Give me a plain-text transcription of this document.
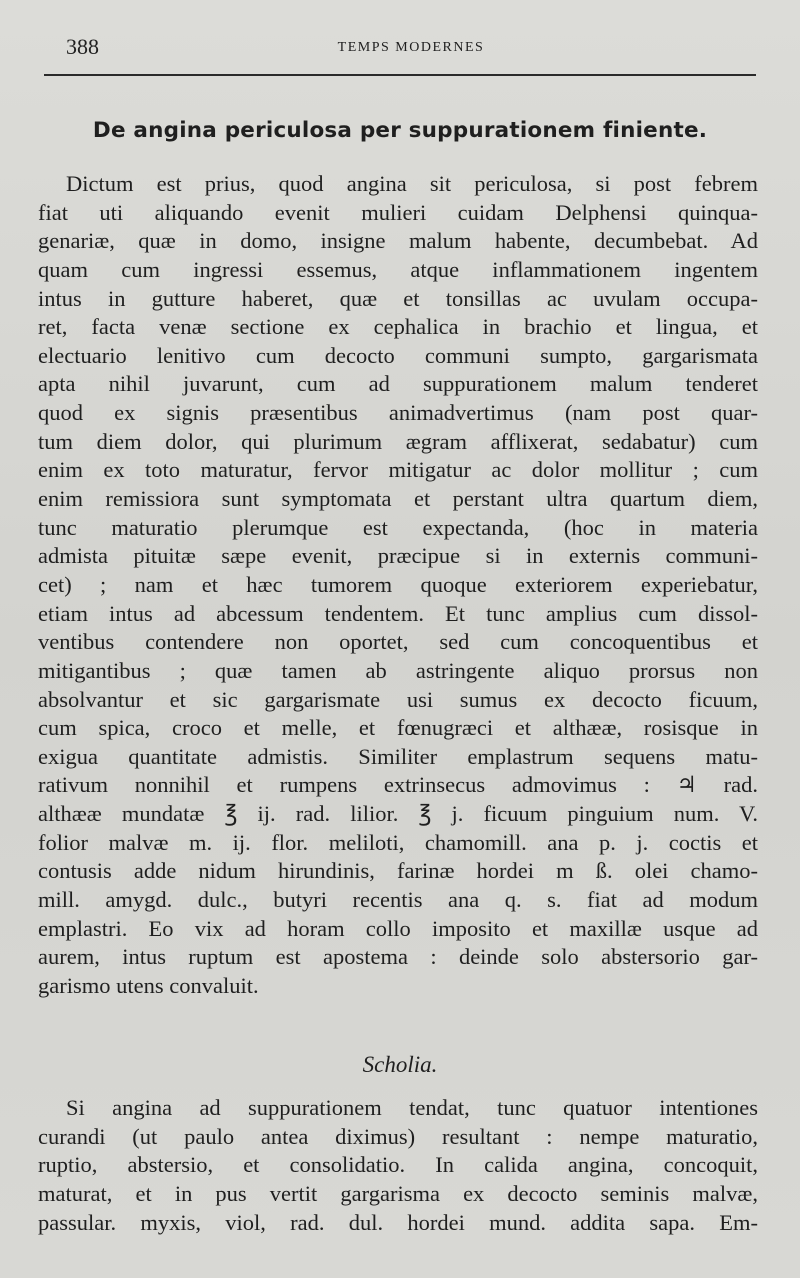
388	TEMPS MODERNES
De angina periculosa per suppurationem finiente.
Dictum est prius, quod angina sit periculosa, si post febrem
fiat uti aliquando evenit mulieri cuidam Delphensi quinqua-
genariæ, quæ in domo, insigne malum habente, decumbebat. Ad
quam cum ingressi essemus, atque inflammationem ingentem
intus in gutture haberet, quæ et tonsillas ac uvulam occupa-
ret, facta venæ sectione ex cephalica in brachio et lingua, et
electuario lenitivo cum decocto communi sumpto, gargarismata
apta nihil juvarunt, cum ad suppurationem malum tenderet
quod ex signis præsentibus animadvertimus (nam post quar-
tum diem dolor, qui plurimum ægram afflixerat, sedabatur) cum
enim ex toto maturatur, fervor mitigatur ac dolor mollitur ; cum
enim remissiora sunt symptomata et perstant ultra quartum diem,
tunc maturatio plerumque est expectanda, (hoc in materia
admista pituitæ sæpe evenit, præcipue si in externis communi-
cet) ; nam et hæc tumorem quoque exteriorem experiebatur,
etiam intus ad abcessum tendentem. Et tunc amplius cum dissol-
ventibus contendere non oportet, sed cum concoquentibus et
mitigantibus ; quæ tamen ab astringente aliquo prorsus non
absolvantur et sic gargarismate usi sumus ex decocto ficuum,
cum spica, croco et melle, et fœnugræci et althææ, rosisque in
exigua quantitate admistis. Similiter emplastrum sequens matu-
rativum nonnihil et rumpens extrinsecus admovimus : ♃ rad.
althææ mundatæ ℥ ij. rad. lilior. ℥ j. ficuum pinguium num. V.
folior malvæ m. ij. flor. meliloti, chamomill. ana p. j. coctis et
contusis adde nidum hirundinis, farinæ hordei m ß. olei chamo-
mill. amygd. dulc., butyri recentis ana q. s. fiat ad modum
emplastri. Eo vix ad horam collo imposito et maxillæ usque ad
aurem, intus ruptum est apostema : deinde solo abstersorio gar-
garismo utens convaluit.
Scholia.
Si angina ad suppurationem tendat, tunc quatuor intentiones
curandi (ut paulo antea diximus) resultant : nempe maturatio,
ruptio, abstersio, et consolidatio. In calida angina, concoquit,
maturat, et in pus vertit gargarisma ex decocto seminis malvæ,
passular. myxis, viol, rad. dul. hordei mund. addita sapa. Em-
